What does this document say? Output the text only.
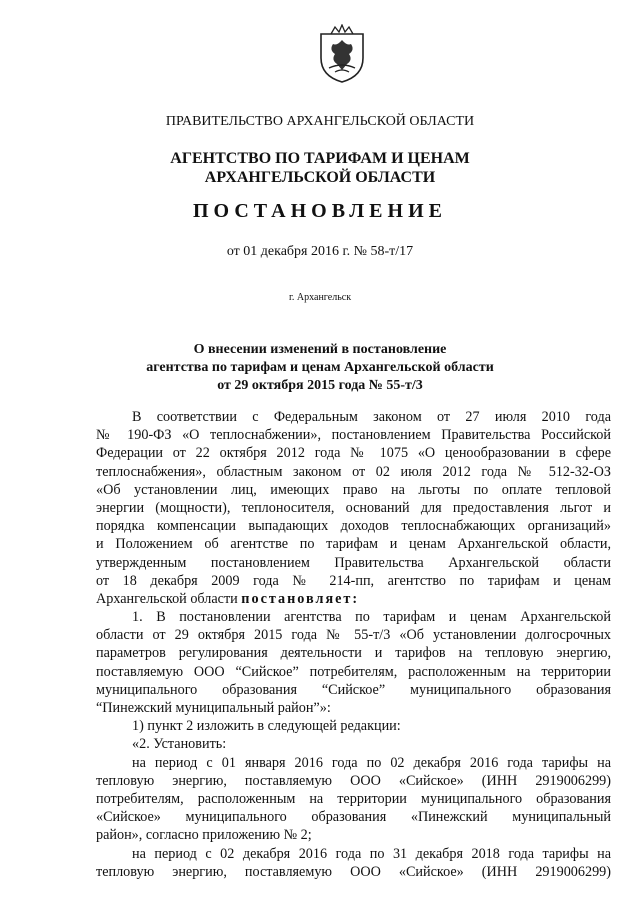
ПРАВИТЕЛЬСТВО АРХАНГЕЛЬСКОЙ ОБЛАСТИ
АГЕНТСТВО ПО ТАРИФАМ И ЦЕНАМ
АРХАНГЕЛЬСКОЙ ОБЛАСТИ
ПОСТАНОВЛЕНИЕ
от 01 декабря 2016 г. № 58-т/17
г. Архангельск
О внесении изменений в постановление
агентства по тарифам и ценам Архангельской области
от 29 октября 2015 года № 55-т/3
В соответствии с Федеральным законом от 27 июля 2010 года
№ 190-ФЗ «О теплоснабжении», постановлением Правительства Российской
Федерации от 22 октября 2012 года № 1075 «О ценообразовании в сфере
теплоснабжения», областным законом от 02 июля 2012 года № 512-32-ОЗ
«Об установлении лиц, имеющих право на льготы по оплате тепловой
энергии (мощности), теплоносителя, оснований для предоставления льгот и
порядка компенсации выпадающих доходов теплоснабжающих организаций»
и Положением об агентстве по тарифам и ценам Архангельской области,
утвержденным постановлением Правительства Архангельской области
от 18 декабря 2009 года № 214-пп, агентство по тарифам и ценам
Архангельской области постановляет:
1. В постановлении агентства по тарифам и ценам Архангельской
области от 29 октября 2015 года № 55-т/3 «Об установлении долгосрочных
параметров регулирования деятельности и тарифов на тепловую энергию,
поставляемую ООО “Сийское” потребителям, расположенным на территории
муниципального образования “Сийское” муниципального образования
“Пинежский муниципальный район”»:
1) пункт 2 изложить в следующей редакции:
«2. Установить:
на период с 01 января 2016 года по 02 декабря 2016 года тарифы на
тепловую энергию, поставляемую ООО «Сийское» (ИНН 2919006299)
потребителям, расположенным на территории муниципального образования
«Сийское» муниципального образования «Пинежский муниципальный
район», согласно приложению № 2;
на период с 02 декабря 2016 года по 31 декабря 2018 года тарифы на
тепловую энергию, поставляемую ООО «Сийское» (ИНН 2919006299)
